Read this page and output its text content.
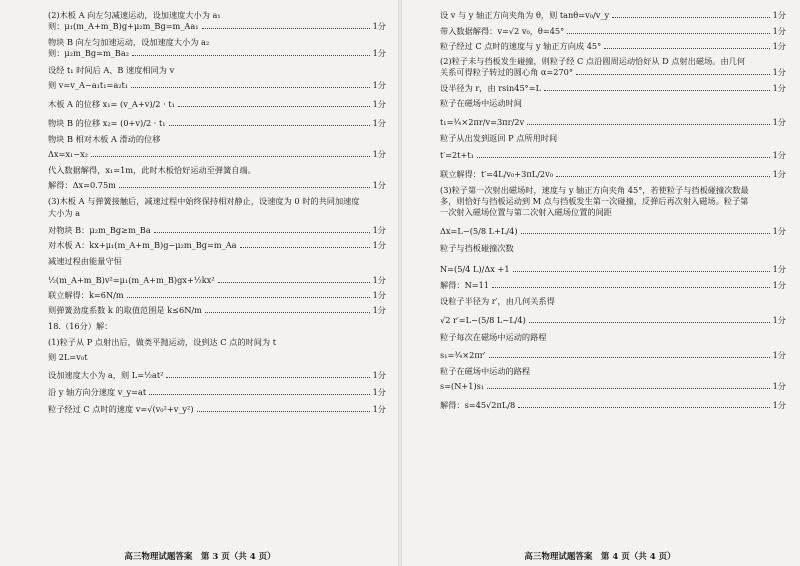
(2)木板 A 向左匀减速运动，设加速度大小为 a₁
则：μ₁(m_A+m_B)g+μ₂m_Bg=m_Aa₁	1分
物块 B 向左匀加速运动，设加速度大小为 a₂
则：μ₂m_Bg=m_Ba₂	1分
设经 t₁ 时间后 A、B 速度相同为 v
则 v=v_A−a₁t₁=a₂t₁	1分
木板 A 的位移 x₁= (v_A+v)/2 · t₁	1分
物块 B 的位移 x₂= (0+v)/2 · t₁	1分
物块 B 相对木板 A 滑动的位移
Δx=x₁−x₂	1分
代入数据解得，x₁=1m，此时木板恰好运动至弹簧自端。
解得：Δx=0.75m	1分
(3)木板 A 与弹簧接触后，减速过程中始终保持相对静止，设速度为 0 时的共同加速度
大小为 a
对物块 B：μ₂m_Bg≥m_Ba	1分
对木板 A：kx+μ₁(m_A+m_B)g−μ₂m_Bg=m_Aa	1分
减速过程由能量守恒
½(m_A+m_B)v²=μ₁(m_A+m_B)gx+½kx²	1分
联立解得：k=6N/m	1分
则弹簧劲度系数 k 的取值范围是 k≤6N/m	1分
18.（16分）解：
(1)粒子从 P 点射出后，做类平抛运动，设到达 C 点的时间为 t
则 2L=v₀t
设加速度大小为 a，则 L=½at²	1分
沿 y 轴方向分速度 v_y=at	1分
粒子经过 C 点时的速度 v=√(v₀²+v_y²)	1分
高三物理试题答案　第 3 页（共 4 页）
设 v 与 y 轴正方向夹角为 θ，则 tanθ=v₀/v_y	1分
带入数据解得：v=√2 v₀，θ=45°	1分
粒子经过 C 点时的速度与 y 轴正方向成 45°	1分
(2)粒子未与挡板发生碰撞，则粒子经 C 点沿圆周运动恰好从 D 点射出磁场。由几何
关系可得粒子转过的圆心角 α=270°	1分
设半径为 r，由 rsin45°=L	1分
粒子在磁场中运动时间
t₁=¾×2πr/v=3πr/2v	1分
粒子从出发到返回 P 点所用时间
t′=2t+t₁	1分
联立解得：t′=4L/v₀+3πL/2v₀	1分
(3)粒子第一次射出磁场时，速度与 y 轴正方向夹角 45°，若使粒子与挡板碰撞次数最
多，则恰好与挡板运动到 M 点与挡板发生第一次碰撞，反弹后再次射入磁场。粒子第
一次射入磁场位置与第二次射入磁场位置的间距
Δx=L−(5/8 L+L/4)	1分
粒子与挡板碰撞次数
N=(5/4 L)/Δx +1	1分
解得：N=11	1分
设粒子半径为 r′，由几何关系得
√2 r′=L−(5/8 L−L/4)	1分
粒子每次在磁场中运动的路程
s₁=¾×2πr′	1分
粒子在磁场中运动的路程
s=(N+1)s₁	1分
解得：s=45√2πL/8	1分
高三物理试题答案　第 4 页（共 4 页）
